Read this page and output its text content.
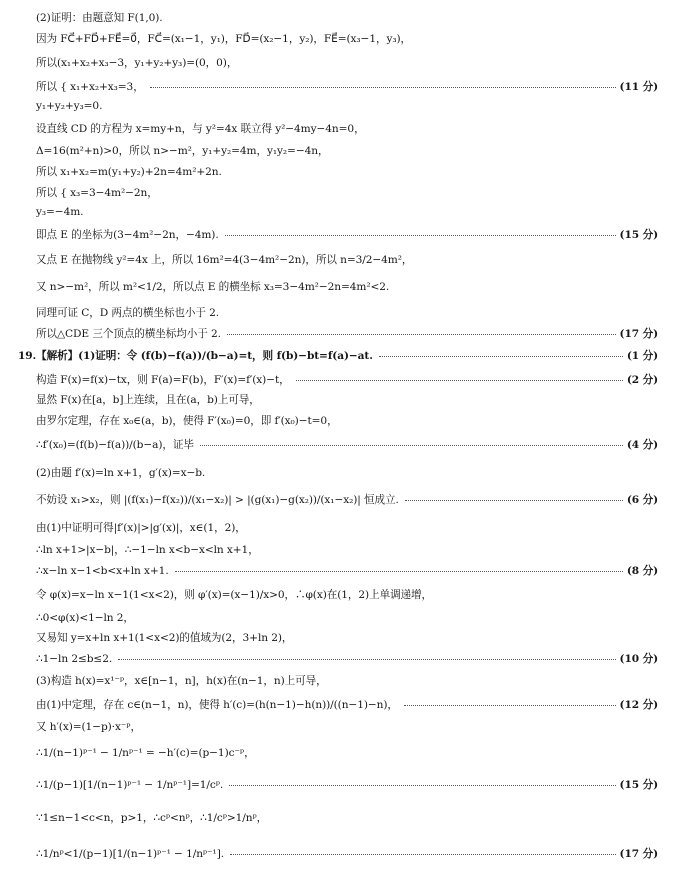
(2)证明：由题意知 F(1,0).
因为 FC⃗+FD⃗+FE⃗=0⃗，FC⃗=(x₁−1，y₁)，FD⃗=(x₂−1，y₂)，FE⃗=(x₃−1，y₃)，
所以(x₁+x₂+x₃−3，y₁+y₂+y₃)=(0，0)，
所以 { x₁+x₂+x₃=3，	(11 分)
y₁+y₂+y₃=0.
设直线 CD 的方程为 x=my+n，与 y²=4x 联立得 y²−4my−4n=0，
Δ=16(m²+n)>0，所以 n>−m²，y₁+y₂=4m，y₁y₂=−4n，
所以 x₁+x₂=m(y₁+y₂)+2n=4m²+2n.
所以 { x₃=3−4m²−2n，
y₃=−4m.
即点 E 的坐标为(3−4m²−2n，−4m).	(15 分)
又点 E 在抛物线 y²=4x 上，所以 16m²=4(3−4m²−2n)，所以 n=3/2−4m²，
又 n>−m²，所以 m²<1/2，所以点 E 的横坐标 x₃=3−4m²−2n=4m²<2.
同理可证 C，D 两点的横坐标也小于 2.
所以△CDE 三个顶点的横坐标均小于 2.	(17 分)
19.【解析】(1)证明：令 (f(b)−f(a))/(b−a)=t，则 f(b)−bt=f(a)−at.	(1 分)
构造 F(x)=f(x)−tx，则 F(a)=F(b)，F′(x)=f′(x)−t，	(2 分)
显然 F(x)在[a，b]上连续，且在(a，b)上可导，
由罗尔定理，存在 x₀∈(a，b)，使得 F′(x₀)=0，即 f′(x₀)−t=0，
∴f′(x₀)=(f(b)−f(a))/(b−a)，证毕	(4 分)
(2)由题 f′(x)=ln x+1，g′(x)=x−b.
不妨设 x₁>x₂，则 |(f(x₁)−f(x₂))/(x₁−x₂)| > |(g(x₁)−g(x₂))/(x₁−x₂)| 恒成立.	(6 分)
由(1)中证明可得|f′(x)|>|g′(x)|，x∈(1，2)，
∴ln x+1>|x−b|，∴−1−ln x<b−x<ln x+1，
∴x−ln x−1<b<x+ln x+1.	(8 分)
令 φ(x)=x−ln x−1(1<x<2)，则 φ′(x)=(x−1)/x>0，∴φ(x)在(1，2)上单调递增，
∴0<φ(x)<1−ln 2，
又易知 y=x+ln x+1(1<x<2)的值域为(2，3+ln 2)，
∴1−ln 2≤b≤2.	(10 分)
(3)构造 h(x)=x¹⁻ᵖ，x∈[n−1，n]，h(x)在(n−1，n)上可导，
由(1)中定理，存在 c∈(n−1，n)，使得 h′(c)=(h(n−1)−h(n))/((n−1)−n)，	(12 分)
又 h′(x)=(1−p)·x⁻ᵖ，
∴1/(n−1)ᵖ⁻¹ − 1/nᵖ⁻¹ = −h′(c)=(p−1)c⁻ᵖ，
∴1/(p−1)[1/(n−1)ᵖ⁻¹ − 1/nᵖ⁻¹]=1/cᵖ.	(15 分)
∵1≤n−1<c<n，p>1，∴cᵖ<nᵖ，∴1/cᵖ>1/nᵖ，
∴1/nᵖ<1/(p−1)[1/(n−1)ᵖ⁻¹ − 1/nᵖ⁻¹].	(17 分)
